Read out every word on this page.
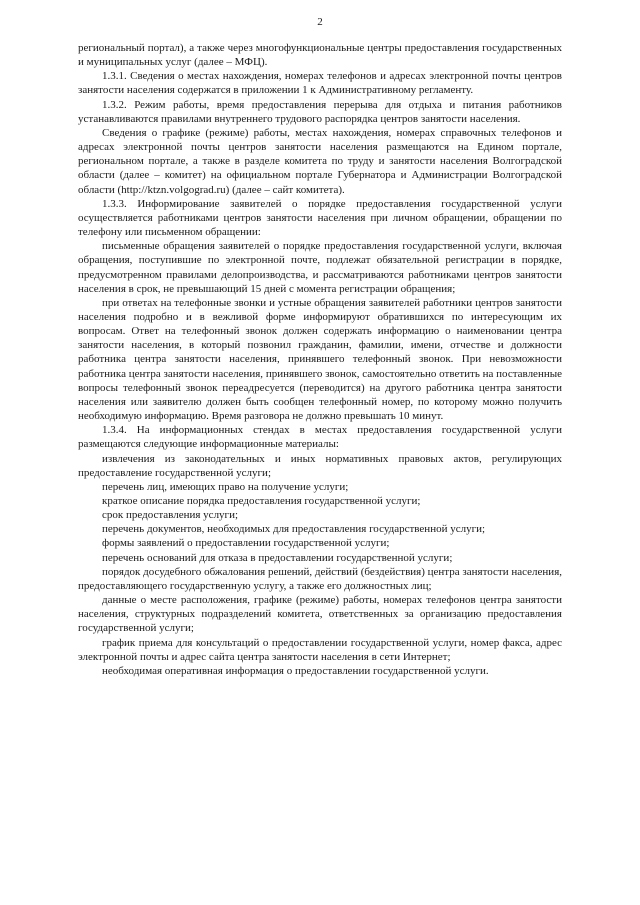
2

региональный портал), а также через многофункциональные центры предоставления государственных и муниципальных услуг (далее – МФЦ).

1.3.1. Сведения о местах нахождения, номерах телефонов и адресах электронной почты центров занятости населения содержатся в приложении 1 к Административному регламенту.

1.3.2. Режим работы, время предоставления перерыва для отдыха и питания работников устанавливаются правилами внутреннего трудового распорядка центров занятости населения.

Сведения о графике (режиме) работы, местах нахождения, номерах справочных телефонов и адресах электронной почты центров занятости населения размещаются на Едином портале, региональном портале, а также в разделе комитета по труду и занятости населения Волгоградской области (далее – комитет) на официальном портале Губернатора и Администрации Волгоградской области (http://ktzn.volgograd.ru) (далее – сайт комитета).

1.3.3. Информирование заявителей о порядке предоставления государственной услуги осуществляется работниками центров занятости населения при личном обращении, обращении по телефону или письменном обращении:

письменные обращения заявителей о порядке предоставления государственной услуги, включая обращения, поступившие по электронной почте, подлежат обязательной регистрации в порядке, предусмотренном правилами делопроизводства, и рассматриваются работниками центров занятости населения в срок, не превышающий 15 дней с момента регистрации обращения;

при ответах на телефонные звонки и устные обращения заявителей работники центров занятости населения подробно и в вежливой форме информируют обратившихся по интересующим их вопросам. Ответ на телефонный звонок должен содержать информацию о наименовании центра занятости населения, в который позвонил гражданин, фамилии, имени, отчестве и должности работника центра занятости населения, принявшего телефонный звонок. При невозможности работника центра занятости населения, принявшего звонок, самостоятельно ответить на поставленные вопросы телефонный звонок переадресуется (переводится) на другого работника центра занятости населения или заявителю должен быть сообщен телефонный номер, по которому можно получить необходимую информацию. Время разговора не должно превышать 10 минут.

1.3.4. На информационных стендах в местах предоставления государственной услуги размещаются следующие информационные материалы:

извлечения из законодательных и иных нормативных правовых актов, регулирующих предоставление государственной услуги;

перечень лиц, имеющих право на получение услуги;

краткое описание порядка предоставления государственной услуги;

срок предоставления услуги;

перечень документов, необходимых для предоставления государственной услуги;

формы заявлений о предоставлении государственной услуги;

перечень оснований для отказа в предоставлении государственной услуги;

порядок досудебного обжалования решений, действий (бездействия) центра занятости населения, предоставляющего государственную услугу, а также его должностных лиц;

данные о месте расположения, графике (режиме) работы, номерах телефонов центра занятости населения, структурных подразделений комитета, ответственных за организацию предоставления государственной услуги;

график приема для консультаций о предоставлении государственной услуги, номер факса, адрес электронной почты и адрес сайта центра занятости населения в сети Интернет;

необходимая оперативная информация о предоставлении государственной услуги.
